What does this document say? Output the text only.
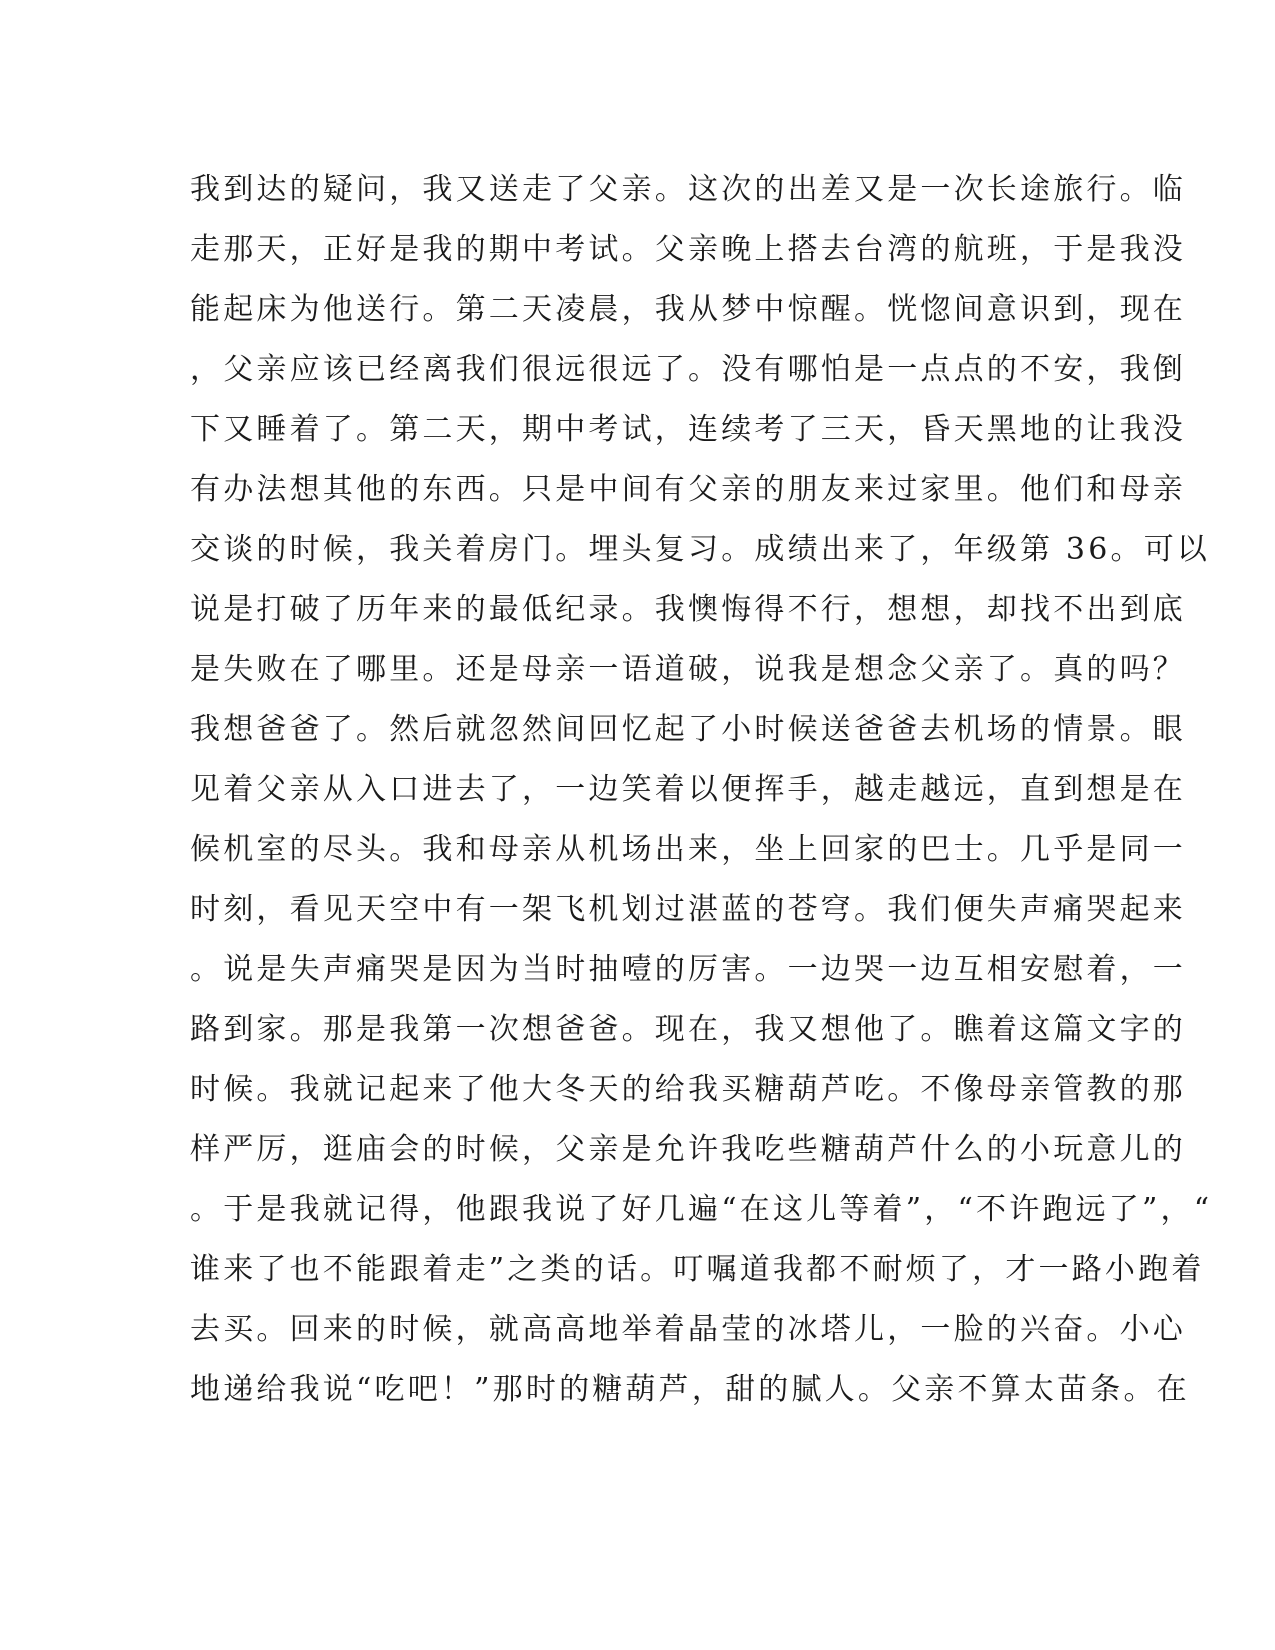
我到达的疑问，我又送走了父亲。这次的出差又是一次长途旅行。临
走那天，正好是我的期中考试。父亲晚上搭去台湾的航班，于是我没
能起床为他送行。第二天凌晨，我从梦中惊醒。恍惚间意识到，现在
，父亲应该已经离我们很远很远了。没有哪怕是一点点的不安，我倒
下又睡着了。第二天，期中考试，连续考了三天，昏天黑地的让我没
有办法想其他的东西。只是中间有父亲的朋友来过家里。他们和母亲
交谈的时候，我关着房门。埋头复习。成绩出来了，年级第 36。可以
说是打破了历年来的最低纪录。我懊悔得不行，想想，却找不出到底
是失败在了哪里。还是母亲一语道破，说我是想念父亲了。真的吗？
我想爸爸了。然后就忽然间回忆起了小时候送爸爸去机场的情景。眼
见着父亲从入口进去了，一边笑着以便挥手，越走越远，直到想是在
候机室的尽头。我和母亲从机场出来，坐上回家的巴士。几乎是同一
时刻，看见天空中有一架飞机划过湛蓝的苍穹。我们便失声痛哭起来
。说是失声痛哭是因为当时抽噎的厉害。一边哭一边互相安慰着，一
路到家。那是我第一次想爸爸。现在，我又想他了。瞧着这篇文字的
时候。我就记起来了他大冬天的给我买糖葫芦吃。不像母亲管教的那
样严厉，逛庙会的时候，父亲是允许我吃些糖葫芦什么的小玩意儿的
。于是我就记得，他跟我说了好几遍“在这儿等着”，“不许跑远了”，“
谁来了也不能跟着走”之类的话。叮嘱道我都不耐烦了，才一路小跑着
去买。回来的时候，就高高地举着晶莹的冰塔儿，一脸的兴奋。小心
地递给我说“吃吧！”那时的糖葫芦，甜的腻人。父亲不算太苗条。在
